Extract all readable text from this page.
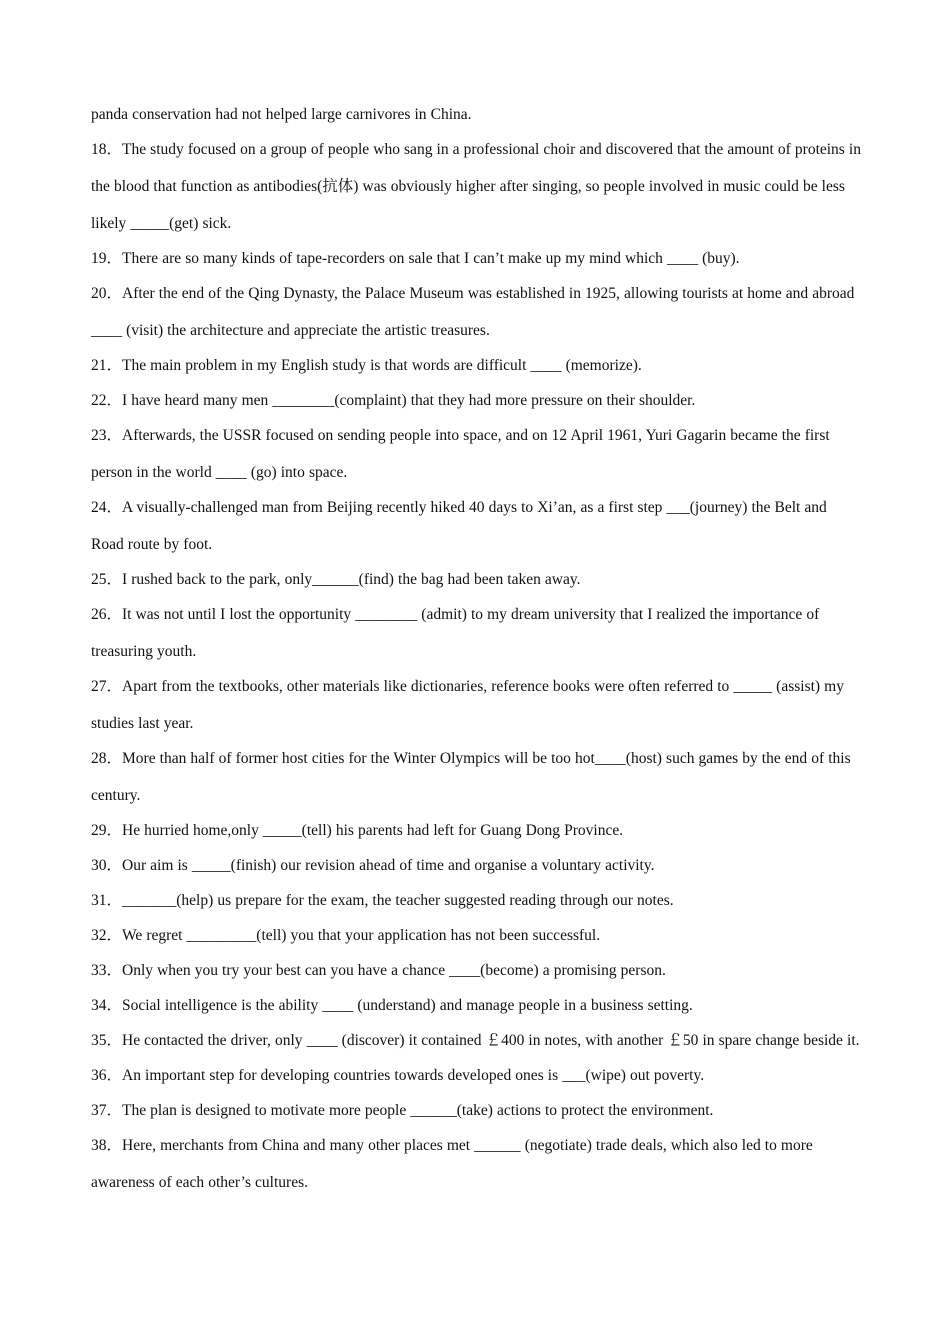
panda conservation had not helped large carnivores in China.

18．The study focused on a group of people who sang in a professional choir and discovered that the amount of proteins in the blood that function as antibodies(抗体) was obviously higher after singing, so people involved in music could be less likely _____(get) sick.

19．There are so many kinds of tape-recorders on sale that I can’t make up my mind which ____ (buy).

20．After the end of the Qing Dynasty, the Palace Museum was established in 1925, allowing tourists at home and abroad ____ (visit) the architecture and appreciate the artistic treasures.

21．The main problem in my English study is that words are difficult ____ (memorize).

22．I have heard many men ________(complaint) that they had more pressure on their shoulder.

23．Afterwards, the USSR focused on sending people into space, and on 12 April 1961, Yuri Gagarin became the first person in the world ____ (go) into space.

24．A visually-challenged man from Beijing recently hiked 40 days to Xi’an, as a first step ___(journey) the Belt and Road route by foot.

25．I rushed back to the park, only______(find) the bag had been taken away.

26．It was not until I lost the opportunity ________ (admit) to my dream university that I realized the importance of treasuring youth.

27．Apart from the textbooks, other materials like dictionaries, reference books were often referred to _____ (assist) my studies last year.

28．More than half of former host cities for the Winter Olympics will be too hot____(host) such games by the end of this century.

29．He hurried home,only _____(tell) his parents had left for Guang Dong Province.

30．Our aim is _____(finish) our revision ahead of time and organise a voluntary activity.

31．_______(help) us prepare for the exam, the teacher suggested reading through our notes.

32．We regret _________(tell) you that your application has not been successful.

33．Only when you try your best can you have a chance ____(become) a promising person.

34．Social intelligence is the ability ____ (understand) and manage people in a business setting.

35．He contacted the driver, only ____ (discover) it contained ￡400 in notes, with another ￡50 in spare change beside it.

36．An important step for developing countries towards developed ones is ___(wipe) out poverty.

37．The plan is designed to motivate more people ______(take) actions to protect the environment.

38．Here, merchants from China and many other places met ______ (negotiate) trade deals, which also led to more awareness of each other’s cultures.
